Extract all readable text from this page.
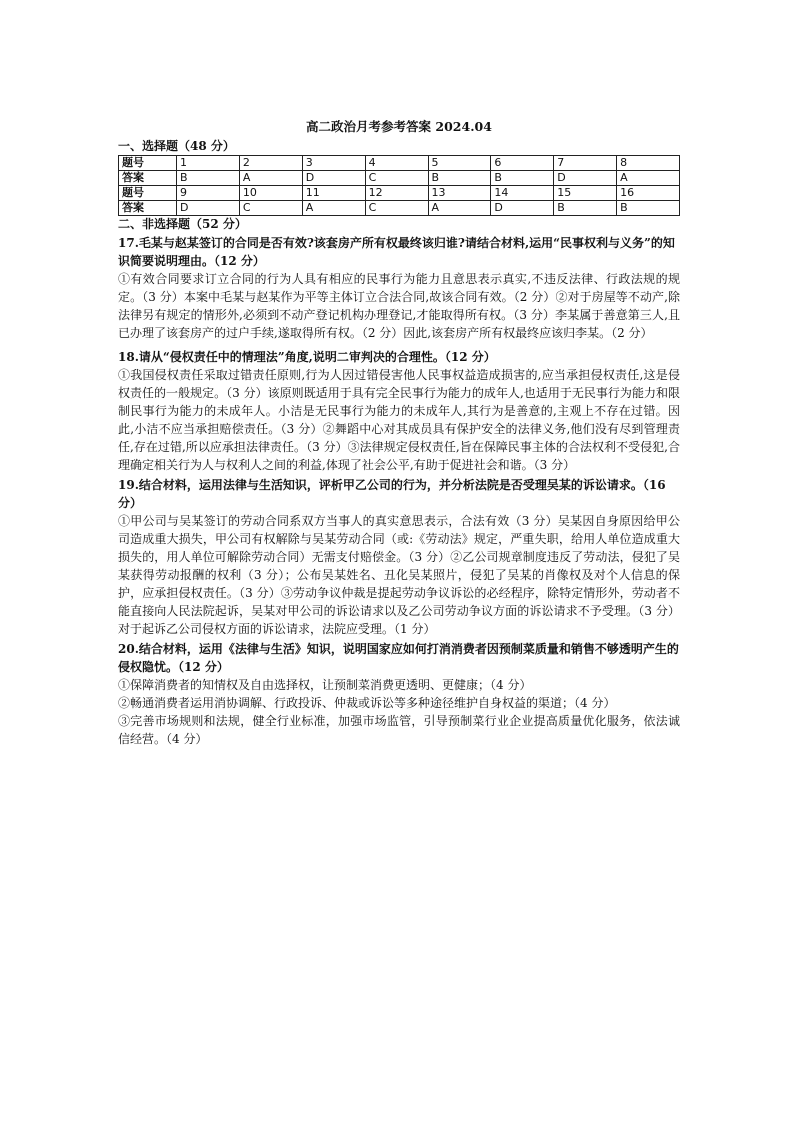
高二政治月考参考答案 2024.04
一、选择题（48 分）
题号	1	2	3	4	5	6	7	8
答案	B	A	D	C	B	B	D	A
题号	9	10	11	12	13	14	15	16
答案	D	C	A	C	A	D	B	B
二、非选择题（52 分）
17.毛某与赵某签订的合同是否有效?该套房产所有权最终该归谁?请结合材料,运用“民事权利与义务”的知识简要说明理由。（12 分）
①有效合同要求订立合同的行为人具有相应的民事行为能力且意思表示真实,不违反法律、行政法规的规定。（3 分）本案中毛某与赵某作为平等主体订立合法合同,故该合同有效。（2 分）②对于房屋等不动产,除法律另有规定的情形外,必须到不动产登记机构办理登记,才能取得所有权。（3 分）李某属于善意第三人,且已办理了该套房产的过户手续,遂取得所有权。（2 分）因此,该套房产所有权最终应该归李某。（2 分）
18.请从“侵权责任中的情理法”角度,说明二审判决的合理性。（12 分）
①我国侵权责任采取过错责任原则,行为人因过错侵害他人民事权益造成损害的,应当承担侵权责任,这是侵权责任的一般规定。（3 分）该原则既适用于具有完全民事行为能力的成年人,也适用于无民事行为能力和限制民事行为能力的未成年人。小洁是无民事行为能力的未成年人,其行为是善意的,主观上不存在过错。因此,小洁不应当承担赔偿责任。（3 分）②舞蹈中心对其成员具有保护安全的法律义务,他们没有尽到管理责任,存在过错,所以应承担法律责任。（3 分）③法律规定侵权责任,旨在保障民事主体的合法权利不受侵犯,合理确定相关行为人与权利人之间的利益,体现了社会公平,有助于促进社会和谐。（3 分）
19.结合材料，运用法律与生活知识，评析甲乙公司的行为，并分析法院是否受理吴某的诉讼请求。（16 分）
①甲公司与吴某签订的劳动合同系双方当事人的真实意思表示，合法有效（3 分）吴某因自身原因给甲公司造成重大损失，甲公司有权解除与吴某劳动合同（或:《劳动法》规定，严重失职，给用人单位造成重大损失的，用人单位可解除劳动合同）无需支付赔偿金。（3 分）②乙公司规章制度违反了劳动法，侵犯了吴某获得劳动报酬的权利（3 分）；公布吴某姓名、丑化吴某照片，侵犯了吴某的肖像权及对个人信息的保护，应承担侵权责任。（3 分）③劳动争议仲裁是提起劳动争议诉讼的必经程序，除特定情形外，劳动者不能直接向人民法院起诉，吴某对甲公司的诉讼请求以及乙公司劳动争议方面的诉讼请求不予受理。（3 分）对于起诉乙公司侵权方面的诉讼请求，法院应受理。（1 分）
20.结合材料，运用《法律与生活》知识，说明国家应如何打消消费者因预制菜质量和销售不够透明产生的侵权隐忧。（12 分）
①保障消费者的知情权及自由选择权，让预制菜消费更透明、更健康；（4 分）
②畅通消费者运用消协调解、行政投诉、仲裁或诉讼等多种途径维护自身权益的渠道；（4 分）
③完善市场规则和法规，健全行业标准，加强市场监管，引导预制菜行业企业提高质量优化服务，依法诚信经营。（4 分）
